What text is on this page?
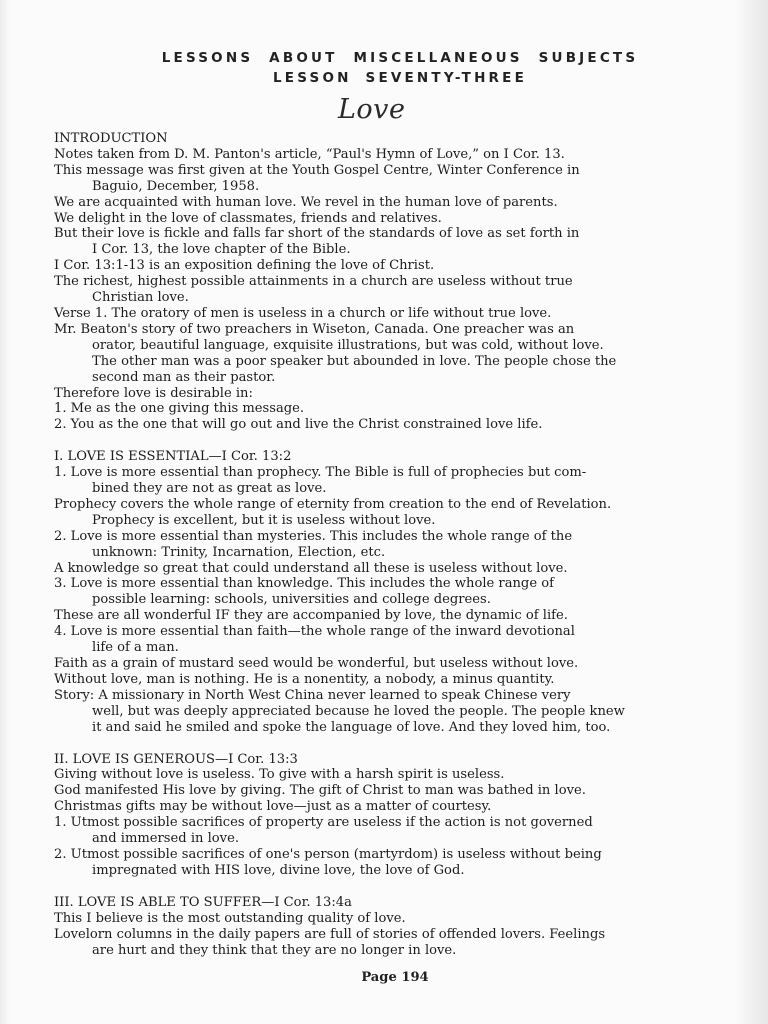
LESSONS ABOUT MISCELLANEOUS SUBJECTS
LESSON SEVENTY-THREE
Love
INTRODUCTION
Notes taken from D. M. Panton's article, “Paul's Hymn of Love,” on I Cor. 13.
This message was first given at the Youth Gospel Centre, Winter Conference in
Baguio, December, 1958.
We are acquainted with human love. We revel in the human love of parents.
We delight in the love of classmates, friends and relatives.
But their love is fickle and falls far short of the standards of love as set forth in
I Cor. 13, the love chapter of the Bible.
I Cor. 13:1-13 is an exposition defining the love of Christ.
The richest, highest possible attainments in a church are useless without true
Christian love.
Verse 1. The oratory of men is useless in a church or life without true love.
Mr. Beaton's story of two preachers in Wiseton, Canada. One preacher was an
orator, beautiful language, exquisite illustrations, but was cold, without love.
The other man was a poor speaker but abounded in love. The people chose the
second man as their pastor.
Therefore love is desirable in:
1. Me as the one giving this message.
2. You as the one that will go out and live the Christ constrained love life.
I. LOVE IS ESSENTIAL—I Cor. 13:2
1. Love is more essential than prophecy. The Bible is full of prophecies but com-
bined they are not as great as love.
Prophecy covers the whole range of eternity from creation to the end of Revelation.
Prophecy is excellent, but it is useless without love.
2. Love is more essential than mysteries. This includes the whole range of the
unknown: Trinity, Incarnation, Election, etc.
A knowledge so great that could understand all these is useless without love.
3. Love is more essential than knowledge. This includes the whole range of
possible learning: schools, universities and college degrees.
These are all wonderful IF they are accompanied by love, the dynamic of life.
4. Love is more essential than faith—the whole range of the inward devotional
life of a man.
Faith as a grain of mustard seed would be wonderful, but useless without love.
Without love, man is nothing. He is a nonentity, a nobody, a minus quantity.
Story: A missionary in North West China never learned to speak Chinese very
well, but was deeply appreciated because he loved the people. The people knew
it and said he smiled and spoke the language of love. And they loved him, too.
II. LOVE IS GENEROUS—I Cor. 13:3
Giving without love is useless. To give with a harsh spirit is useless.
God manifested His love by giving. The gift of Christ to man was bathed in love.
Christmas gifts may be without love—just as a matter of courtesy.
1. Utmost possible sacrifices of property are useless if the action is not governed
and immersed in love.
2. Utmost possible sacrifices of one's person (martyrdom) is useless without being
impregnated with HIS love, divine love, the love of God.
III. LOVE IS ABLE TO SUFFER—I Cor. 13:4a
This I believe is the most outstanding quality of love.
Lovelorn columns in the daily papers are full of stories of offended lovers. Feelings
are hurt and they think that they are no longer in love.
Page 194
